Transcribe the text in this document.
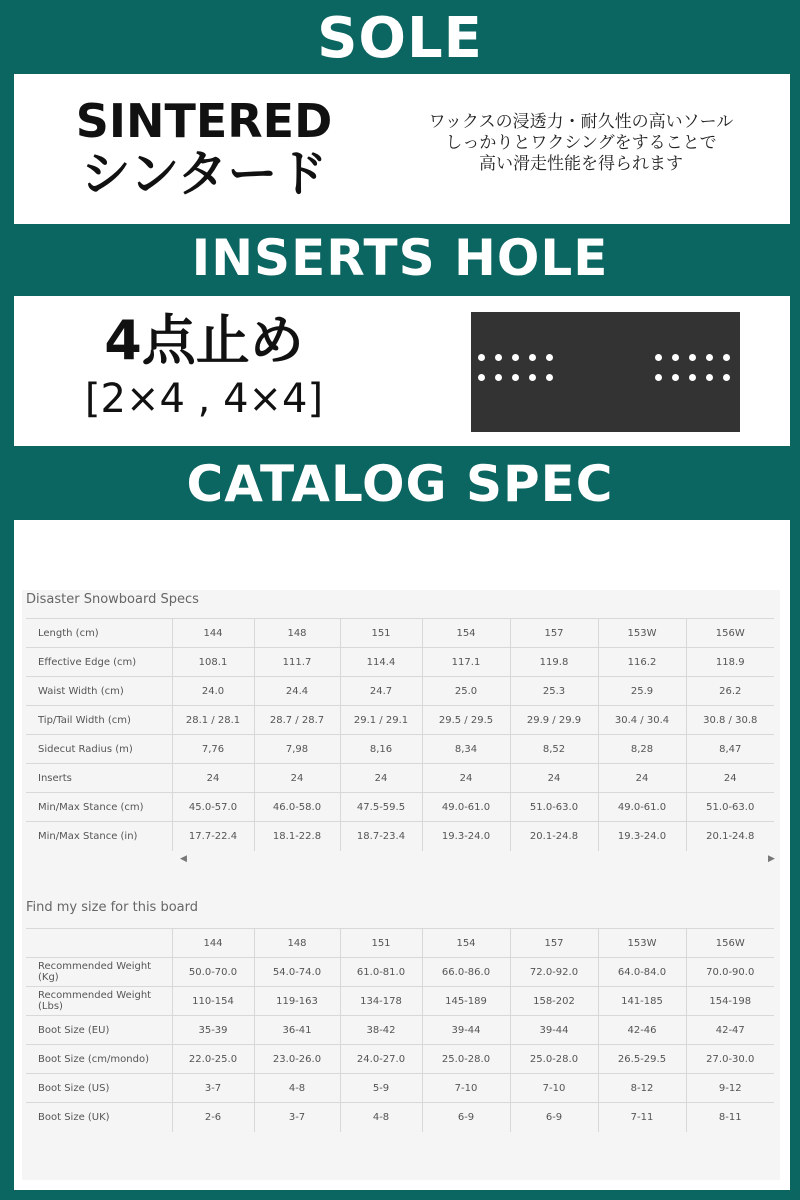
SOLE
SINTERED
シンタード
ワックスの浸透力・耐久性の高いソール
しっかりとワクシングをすることで
高い滑走性能を得られます
INSERTS HOLE
4点止め
[2×4 , 4×4]
CATALOG SPEC
Disaster Snowboard Specs
Length (cm)	144	148	151	154	157	153W	156W
Effective Edge (cm)	108.1	111.7	114.4	117.1	119.8	116.2	118.9
Waist Width (cm)	24.0	24.4	24.7	25.0	25.3	25.9	26.2
Tip/Tail Width (cm)	28.1 / 28.1	28.7 / 28.7	29.1 / 29.1	29.5 / 29.5	29.9 / 29.9	30.4 / 30.4	30.8 / 30.8
Sidecut Radius (m)	7,76	7,98	8,16	8,34	8,52	8,28	8,47
Inserts	24	24	24	24	24	24	24
Min/Max Stance (cm)	45.0-57.0	46.0-58.0	47.5-59.5	49.0-61.0	51.0-63.0	49.0-61.0	51.0-63.0
Min/Max Stance (in)	17.7-22.4	18.1-22.8	18.7-23.4	19.3-24.0	20.1-24.8	19.3-24.0	20.1-24.8
◀	▶
Find my size for this board
	144	148	151	154	157	153W	156W
Recommended Weight (Kg)	50.0-70.0	54.0-74.0	61.0-81.0	66.0-86.0	72.0-92.0	64.0-84.0	70.0-90.0
Recommended Weight (Lbs)	110-154	119-163	134-178	145-189	158-202	141-185	154-198
Boot Size (EU)	35-39	36-41	38-42	39-44	39-44	42-46	42-47
Boot Size (cm/mondo)	22.0-25.0	23.0-26.0	24.0-27.0	25.0-28.0	25.0-28.0	26.5-29.5	27.0-30.0
Boot Size (US)	3-7	4-8	5-9	7-10	7-10	8-12	9-12
Boot Size (UK)	2-6	3-7	4-8	6-9	6-9	7-11	8-11
